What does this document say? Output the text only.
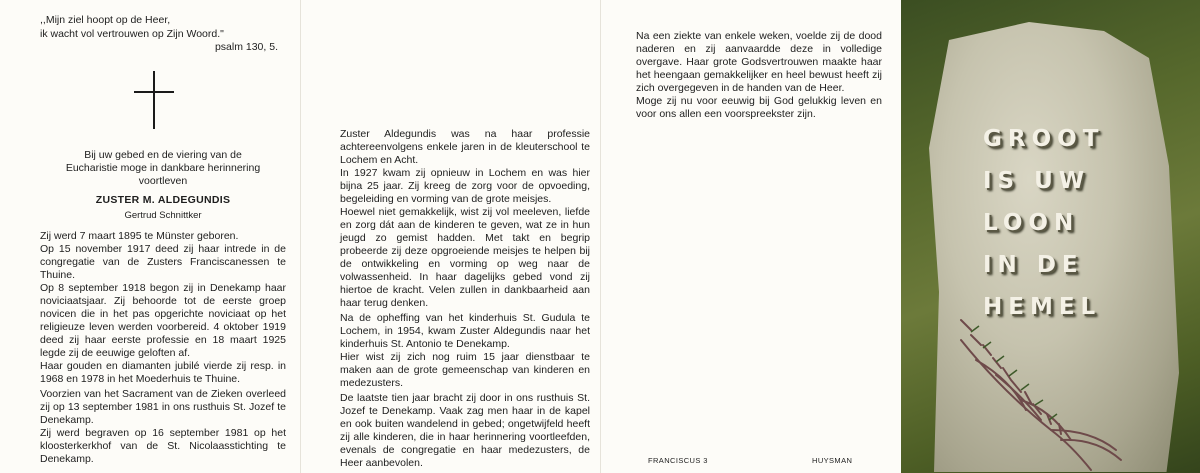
,,Mijn ziel hoopt op de Heer,
ik wacht vol vertrouwen op Zijn Woord."
psalm 130, 5.

Bij uw gebed en de viering van de

Eucharistie moge in dankbare herinnering

voortleven

ZUSTER M. ALDEGUNDIS

Gertrud Schnittker

Zij werd 7 maart 1895 te Münster geboren.

Op 15 november 1917 deed zij haar intrede in de congregatie van de Zusters Franciscanessen te Thuine.

Op 8 september 1918 begon zij in Denekamp haar noviciaatsjaar. Zij behoorde tot de eerste groep novicen die in het pas opgerichte noviciaat op het religieuze leven werden voorbereid. 4 oktober 1919 deed zij haar eerste professie en 18 maart 1925 legde zij de eeuwige geloften af.

Haar gouden en diamanten jubilé vierde zij resp. in 1968 en 1978 in het Moederhuis te Thuine.

Voorzien van het Sacrament van de Zieken overleed zij op 13 september 1981 in ons rusthuis St. Jozef te Denekamp.

Zij werd begraven op 16 september 1981 op het kloosterkerkhof van de St. Nicolaasstichting te Denekamp.

Zuster Aldegundis was na haar professie achtereenvolgens enkele jaren in de kleuterschool te Lochem en Acht.

In 1927 kwam zij opnieuw in Lochem en was hier bijna 25 jaar. Zij kreeg de zorg voor de opvoeding, begeleiding en vorming van de grote meisjes.

Hoewel niet gemakkelijk, wist zij vol meeleven, liefde en zorg dát aan de kinderen te geven, wat ze in hun jeugd zo gemist hadden. Met takt en begrip probeerde zij deze opgroeiende meisjes te helpen bij de ontwikkeling en vorming op weg naar de volwassenheid. In haar dagelijks gebed vond zij hiertoe de kracht. Velen zullen in dankbaarheid aan haar terug denken.

Na de opheffing van het kinderhuis St. Gudula te Lochem, in 1954, kwam Zuster Aldegundis naar het kinderhuis St. Antonio te Denekamp.

Hier wist zij zich nog ruim 15 jaar dienstbaar te maken aan de grote gemeenschap van kinderen en medezusters.

De laatste tien jaar bracht zij door in ons rusthuis St. Jozef te Denekamp. Vaak zag men haar in de kapel en ook buiten wandelend in gebed; ongetwijfeld heeft zij alle kinderen, die in haar herinnering voortleefden, evenals de congregatie en haar medezusters, de Heer aanbevolen.

Na een ziekte van enkele weken, voelde zij de dood naderen en zij aanvaardde deze in volledige overgave. Haar grote Godsvertrouwen maakte haar het heengaan gemakkelijker en heel bewust heeft zij zich overgegeven in de handen van de Heer.

Moge zij nu voor eeuwig bij God gelukkig leven en voor ons allen een voorspreekster zijn.

FRANCISCUS 3	HUYSMAN
GROOT
IS UW
LOON
IN DE
HEMEL
